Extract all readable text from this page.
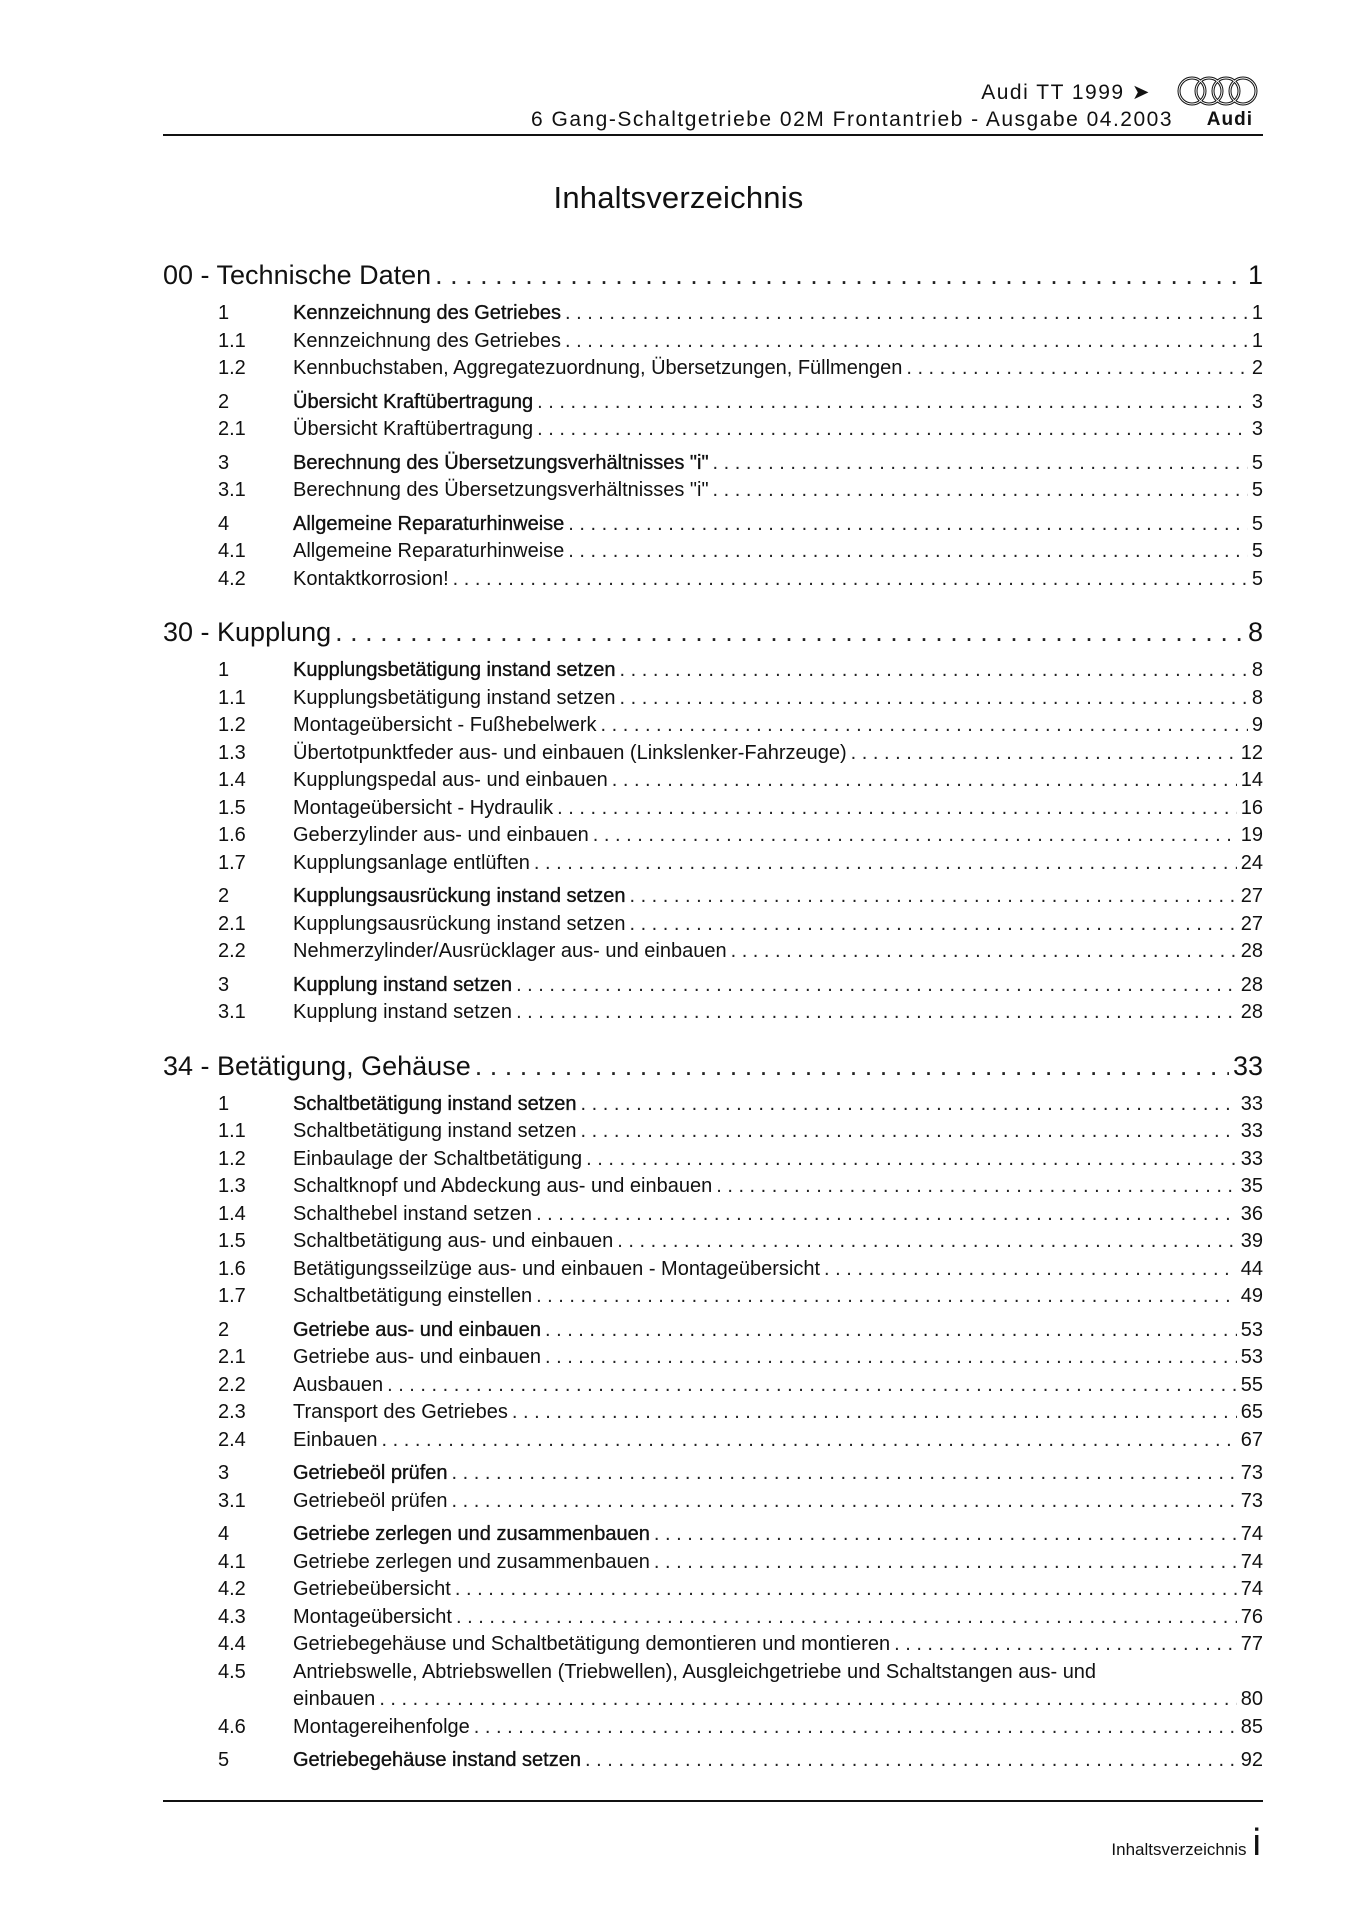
Audi TT 1999 ➤
6 Gang-Schaltgetriebe 02M Frontantrieb - Ausgabe 04.2003 Audi
Inhaltsverzeichnis
00 - Technische Daten . . .	1
1	Kennzeichnung des Getriebes . . .	1
1.1	Kennzeichnung des Getriebes . . .	1
1.2	Kennbuchstaben, Aggregatezuordnung, Übersetzungen, Füllmengen . . .	2
2	Übersicht Kraftübertragung . . .	3
2.1	Übersicht Kraftübertragung . . .	3
3	Berechnung des Übersetzungsverhältnisses "i" . . .	5
3.1	Berechnung des Übersetzungsverhältnisses "i" . . .	5
4	Allgemeine Reparaturhinweise . . .	5
4.1	Allgemeine Reparaturhinweise . . .	5
4.2	Kontaktkorrosion! . . .	5
30 - Kupplung . . .	8
1	Kupplungsbetätigung instand setzen . . .	8
1.1	Kupplungsbetätigung instand setzen . . .	8
1.2	Montageübersicht - Fußhebelwerk . . .	9
1.3	Übertotpunktfeder aus- und einbauen (Linkslenker-Fahrzeuge) . . .	12
1.4	Kupplungspedal aus- und einbauen . . .	14
1.5	Montageübersicht - Hydraulik . . .	16
1.6	Geberzylinder aus- und einbauen . . .	19
1.7	Kupplungsanlage entlüften . . .	24
2	Kupplungsausrückung instand setzen . . .	27
2.1	Kupplungsausrückung instand setzen . . .	27
2.2	Nehmerzylinder/Ausrücklager aus- und einbauen . . .	28
3	Kupplung instand setzen . . .	28
3.1	Kupplung instand setzen . . .	28
34 - Betätigung, Gehäuse . . .	33
1	Schaltbetätigung instand setzen . . .	33
1.1	Schaltbetätigung instand setzen . . .	33
1.2	Einbaulage der Schaltbetätigung . . .	33
1.3	Schaltknopf und Abdeckung aus- und einbauen . . .	35
1.4	Schalthebel instand setzen . . .	36
1.5	Schaltbetätigung aus- und einbauen . . .	39
1.6	Betätigungsseilzüge aus- und einbauen - Montageübersicht . . .	44
1.7	Schaltbetätigung einstellen . . .	49
2	Getriebe aus- und einbauen . . .	53
2.1	Getriebe aus- und einbauen . . .	53
2.2	Ausbauen . . .	55
2.3	Transport des Getriebes . . .	65
2.4	Einbauen . . .	67
3	Getriebeöl prüfen . . .	73
3.1	Getriebeöl prüfen . . .	73
4	Getriebe zerlegen und zusammenbauen . . .	74
4.1	Getriebe zerlegen und zusammenbauen . . .	74
4.2	Getriebeübersicht . . .	74
4.3	Montageübersicht . . .	76
4.4	Getriebegehäuse und Schaltbetätigung demontieren und montieren . . .	77
4.5	Antriebswelle, Abtriebswellen (Triebwellen), Ausgleichgetriebe und Schaltstangen aus- und
einbauen . . .	80
4.6	Montagereihenfolge . . .	85
5	Getriebegehäuse instand setzen . . .	92
Inhaltsverzeichnis i
